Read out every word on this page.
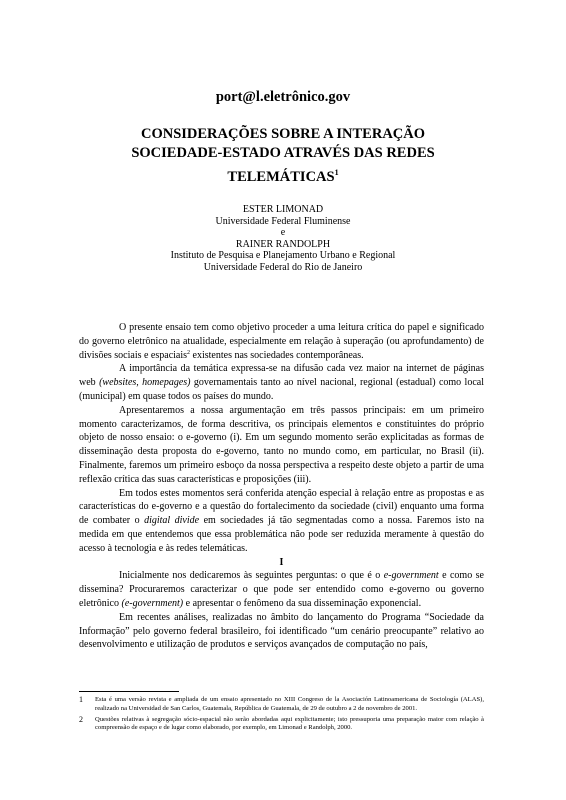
port@l.eletrônico.gov
CONSIDERAÇÕES SOBRE A INTERAÇÃO
SOCIEDADE-ESTADO ATRAVÉS DAS REDES
TELEMÁTICAS$^1$
ESTER LIMONAD
Universidade Federal Fluminense
e
RAINER RANDOLPH
Instituto de Pesquisa e Planejamento Urbano e Regional
Universidade Federal do Rio de Janeiro

O presente ensaio tem como objetivo proceder a uma leitura crítica do papel e significado do governo eletrônico na atualidade, especialmente em relação à superação (ou aprofundamento) de divisões sociais e espaciais$^2$ existentes nas sociedades contemporâneas.

A importância da temática expressa-se na difusão cada vez maior na internet de páginas web (websites, homepages) governamentais tanto ao nível nacional, regional (estadual) como local (municipal) em quase todos os países do mundo.

Apresentaremos a nossa argumentação em três passos principais: em um primeiro momento caracterizamos, de forma descritiva, os principais elementos e constituintes do próprio objeto de nosso ensaio: o e-governo (i). Em um segundo momento serão explicitadas as formas de disseminação desta proposta do e-governo, tanto no mundo como, em particular, no Brasil (ii). Finalmente, faremos um primeiro esboço da nossa perspectiva a respeito deste objeto a partir de uma reflexão crítica das suas características e proposições (iii).

Em todos estes momentos será conferida atenção especial à relação entre as propostas e as características do e-governo e a questão do fortalecimento da sociedade (civil) enquanto uma forma de combater o digital divide em sociedades já tão segmentadas como a nossa. Faremos isto na medida em que entendemos que essa problemática não pode ser reduzida meramente à questão do acesso à tecnologia e às redes telemáticas.

I

Inicialmente nos dedicaremos às seguintes perguntas: o que é o e-government e como se dissemina? Procuraremos caracterizar o que pode ser entendido como e-governo ou governo eletrônico (e-government) e apresentar o fenômeno da sua disseminação exponencial.

Em recentes análises, realizadas no âmbito do lançamento do Programa “Sociedade da Informação” pelo governo federal brasileiro, foi identificado “um cenário preocupante” relativo ao desenvolvimento e utilização de produtos e serviços avançados de computação no país,

1	Esta é uma versão revista e ampliada de um ensaio apresentado no XIII Congreso de la Asociación Latinoamericana de Sociología (ALAS), realizado na Universidad de San Carlos, Guatemala, República de Guatemala, de 29 de outubro a 2 de novembro de 2001.
2	Questões relativas à segregação sócio-espacial não serão abordadas aqui explicitamente; isto pressuporia uma preparação maior com relação à compreensão de espaço e de lugar como elaborado, por exemplo, em Limonad e Randolph, 2000.
